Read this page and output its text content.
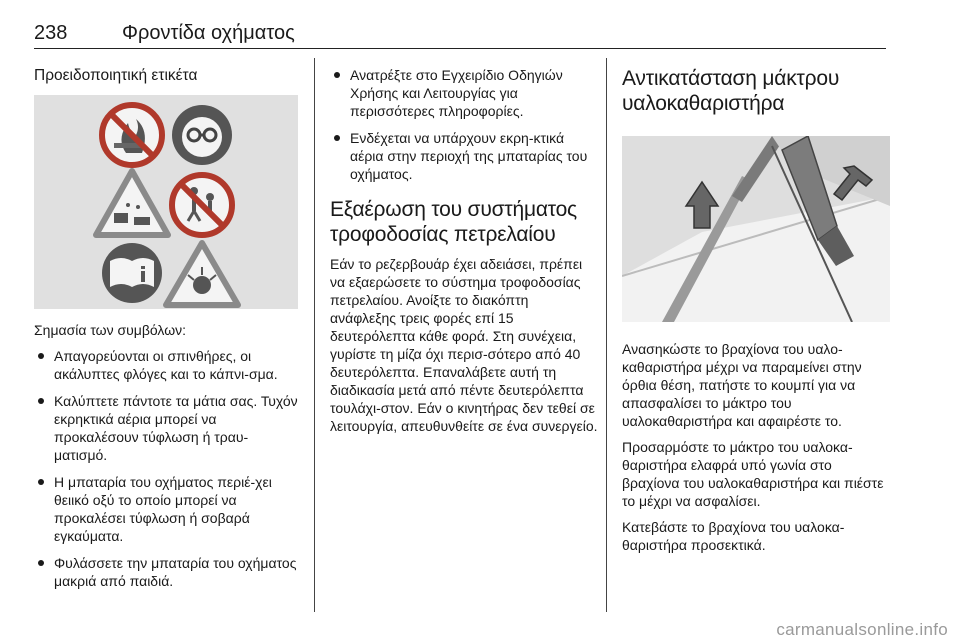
238	Φροντίδα οχήματος
Προειδοποιητική ετικέτα

Σημασία των συμβόλων:

Απαγορεύονται οι σπινθήρες, οι ακάλυπτες φλόγες και το κάπνι-σμα.
Καλύπτετε πάντοτε τα μάτια σας. Τυχόν εκρηκτικά αέρια μπορεί να προκαλέσουν τύφλωση ή τραυ-ματισμό.
Η μπαταρία του οχήματος περιέ-χει θειικό οξύ το οποίο μπορεί να προκαλέσει τύφλωση ή σοβαρά εγκαύματα.
Φυλάσσετε την μπαταρία του οχήματος μακριά από παιδιά.
Ανατρέξτε στο Εγχειρίδιο Οδηγιών Χρήσης και Λειτουργίας για περισσότερες πληροφορίες.
Ενδέχεται να υπάρχουν εκρη-κτικά αέρια στην περιοχή της μπαταρίας του οχήματος.
Εξαέρωση του συστήματος τροφοδοσίας πετρελαίου

Εάν το ρεζερβουάρ έχει αδειάσει, πρέπει να εξαερώσετε το σύστημα τροφοδοσίας πετρελαίου. Ανοίξτε το διακόπτη ανάφλεξης τρεις φορές επί 15 δευτερόλεπτα κάθε φορά. Στη συνέχεια, γυρίστε τη μίζα όχι περισ-σότερο από 40 δευτερόλεπτα. Επαναλάβετε αυτή τη διαδικασία μετά από πέντε δευτερόλεπτα τουλάχι-στον. Εάν ο κινητήρας δεν τεθεί σε λειτουργία, απευθυνθείτε σε ένα συνεργείο.

Αντικατάσταση μάκτρου υαλοκαθαριστήρα

Ανασηκώστε το βραχίονα του υαλο-καθαριστήρα μέχρι να παραμείνει στην όρθια θέση, πατήστε το κουμπί για να απασφαλίσει το μάκτρο του υαλοκαθαριστήρα και αφαιρέστε το.

Προσαρμόστε το μάκτρο του υαλοκα-θαριστήρα ελαφρά υπό γωνία στο βραχίονα του υαλοκαθαριστήρα και πιέστε το μέχρι να ασφαλίσει.

Κατεβάστε το βραχίονα του υαλοκα-θαριστήρα προσεκτικά.

carmanualsonline.info
